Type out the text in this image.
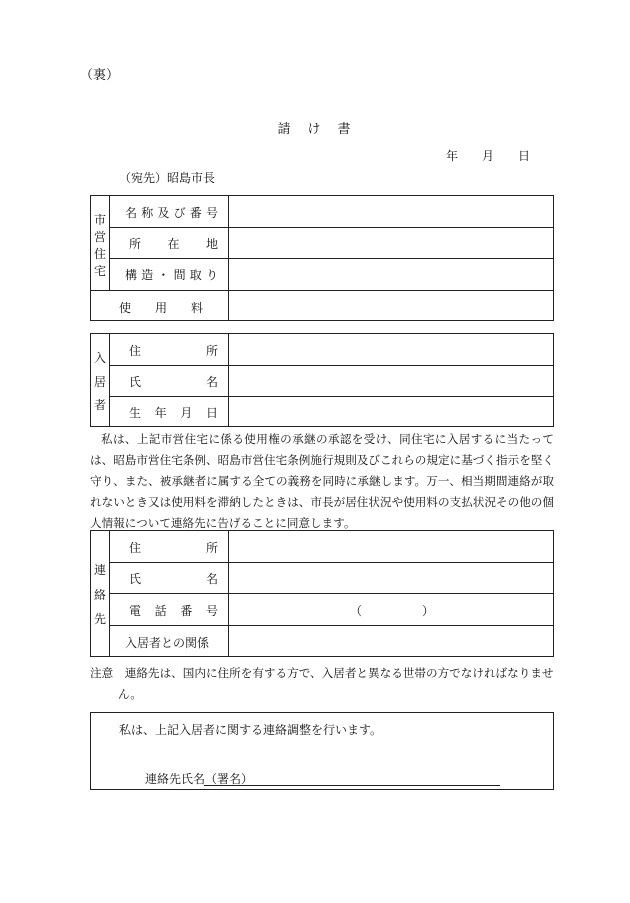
（裏）
請　け　書
年 月 日
（宛先）昭島市長
市
営
住
宅
名 称 及 び 番 号
所 在 地
構 造 ・ 間 取 り
使 用 料
入
居
者
住	所
氏	名
生 年 月 日
私は、上記市営住宅に係る使用権の承継の承認を受け、同住宅に入居するに当たっては、昭島市営住宅条例、昭島市営住宅条例施行規則及びこれらの規定に基づく指示を堅く守り、また、被承継者に属する全ての義務を同時に承継します。万一、相当期間連絡が取れないとき又は使用料を滞納したときは、市長が居住状況や使用料の支払状況その他の個人情報について連絡先に告げることに同意します。
連
絡
先
住	所
氏	名
電 話 番 号	（　　　　　）
入居者との関係
注意　連絡先は、国内に住所を有する方で、入居者と異なる世帯の方でなければなりません。
私は、上記入居者に関する連絡調整を行います。
連絡先氏名（署名）
